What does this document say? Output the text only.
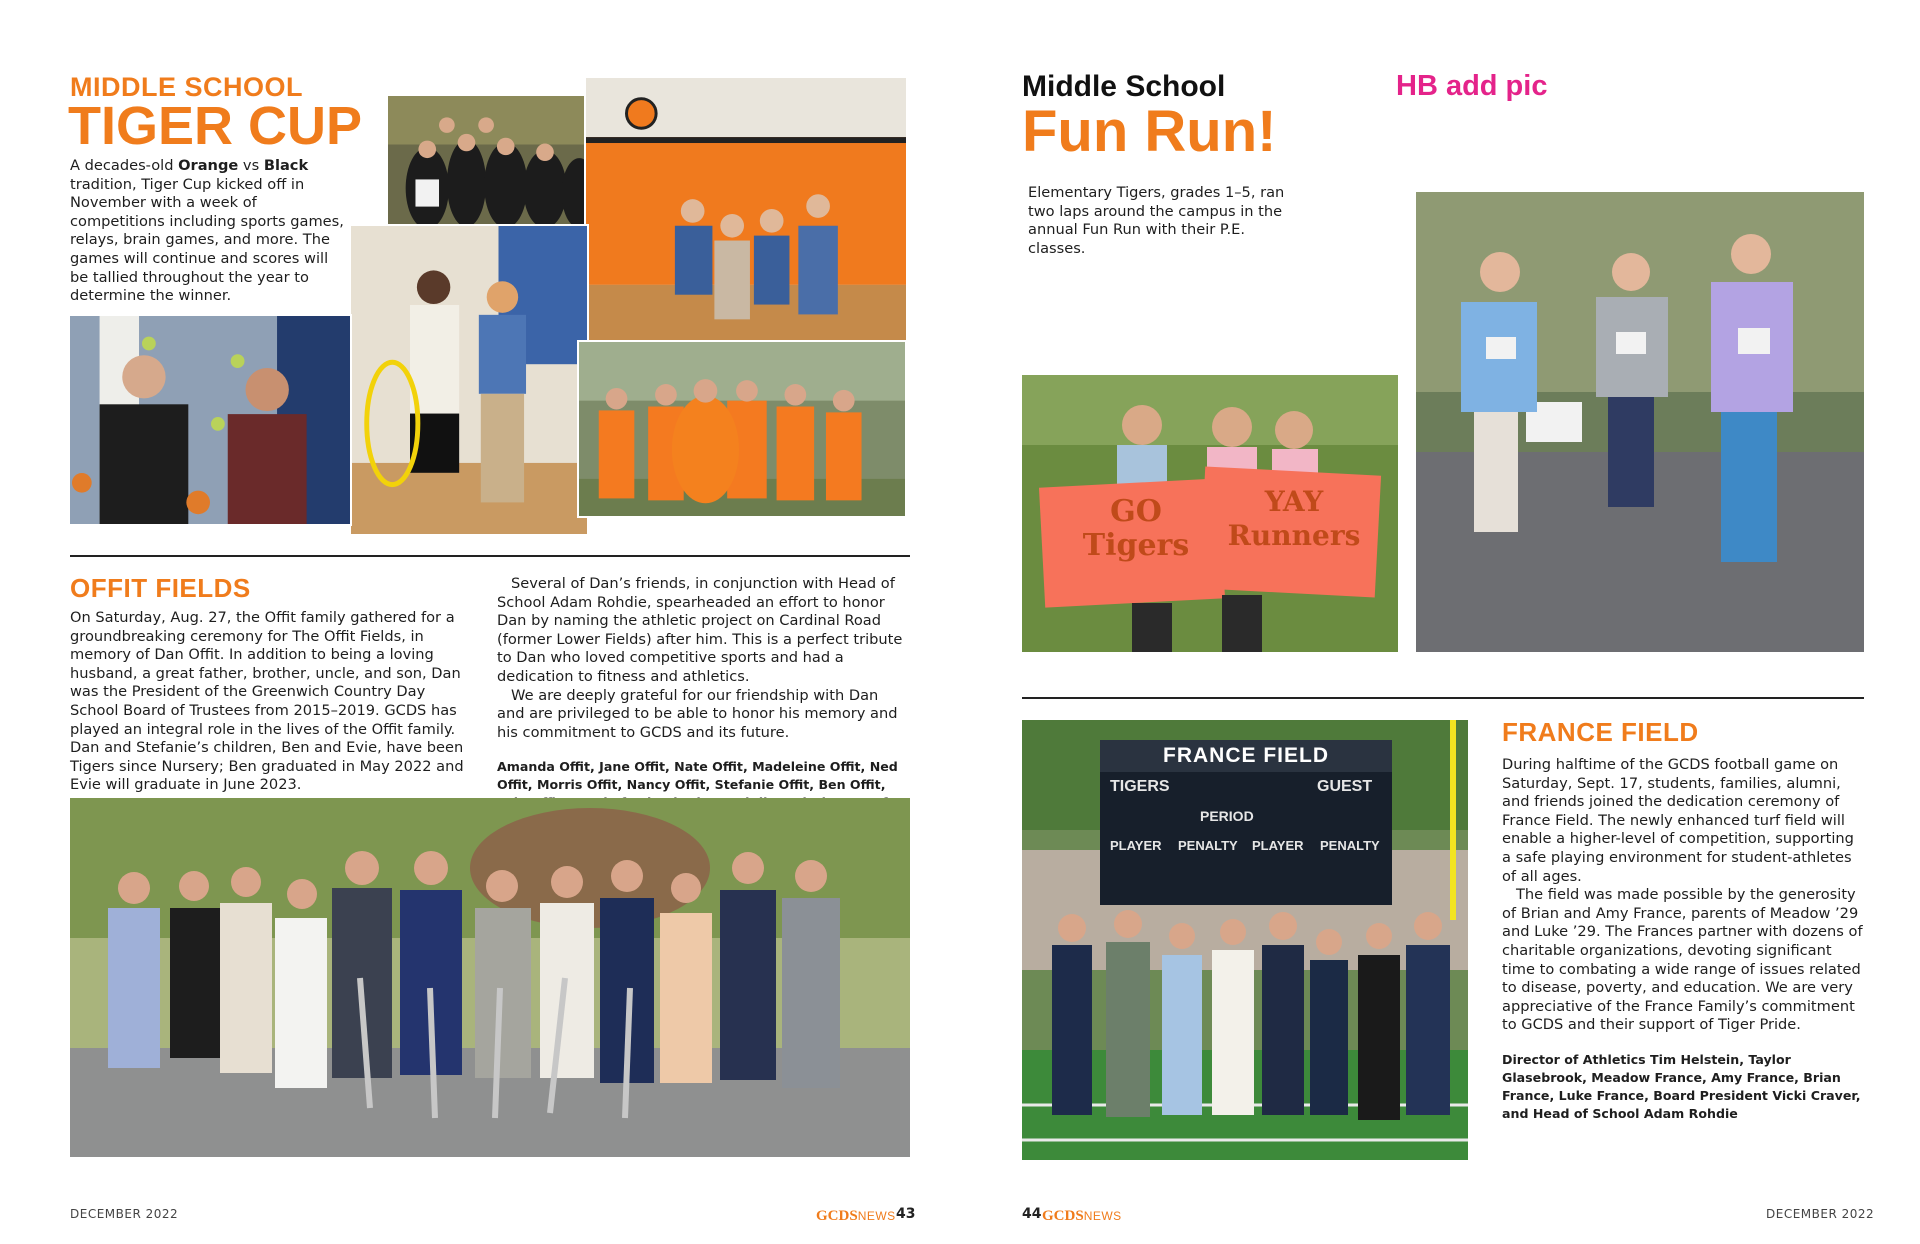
MIDDLE SCHOOL
TIGER CUP
A decades-old Orange vs Black tradition, Tiger Cup kicked off in November with a week of competitions including sports games, relays, brain games, and more. The games will continue and scores will be tallied throughout the year to determine the winner.
OFFIT FIELDS

On Saturday, Aug. 27, the Offit family gathered for a groundbreaking ceremony for The Offit Fields, in memory of Dan Offit. In addition to being a loving husband, a great father, brother, uncle, and son, Dan was the President of the Greenwich Country Day School Board of Trustees from 2015–2019. GCDS has played an integral role in the lives of the Offit family. Dan and Stefanie’s children, Ben and Evie, have been Tigers since Nursery; Ben graduated in May 2022 and Evie will graduate in June 2023.

Several of Dan’s friends, in conjunction with Head of School Adam Rohdie, spearheaded an effort to honor Dan by naming the athletic project on Cardinal Road (former Lower Fields) after him. This is a perfect tribute to Dan who loved competitive sports and had a dedication to fitness and athletics.

We are deeply grateful for our friendship with Dan and are privileged to be able to honor his memory and his commitment to GCDS and its future.

Amanda Offit, Jane Offit, Nate Offit, Madeleine Offit, Ned Offit, Morris Offit, Nancy Offit, Stefanie Offit, Ben Offit,

DECEMBER 2022	GCDSNEWS 43
Middle School
Fun Run!
HB add pic
Elementary Tigers, grades 1–5, ran two laps around the campus in the annual Fun Run with their P.E. classes.
GO Tigers
YAY Runners
FRANCE FIELD
TIGERS	GUEST
PERIOD
PLAYER PENALTY PLAYER PENALTY
FRANCE FIELD

During halftime of the GCDS football game on Saturday, Sept. 17, students, families, alumni, and friends joined the dedication ceremony of France Field. The newly enhanced turf field will enable a higher-level of competition, supporting a safe playing environment for student-athletes of all ages.

The field was made possible by the generosity of Brian and Amy France, parents of Meadow ’29 and Luke ’29. The Frances partner with dozens of charitable organizations, devoting significant time to combating a wide range of issues related to disease, poverty, and education. We are very appreciative of the France Family’s commitment to GCDS and their support of Tiger Pride.

Director of Athletics Tim Helstein, Taylor Glasebrook, Meadow France, Amy France, Brian France, Luke France, Board President Vicki Craver, and Head of School Adam Rohdie

44 GCDSNEWS	DECEMBER 2022
